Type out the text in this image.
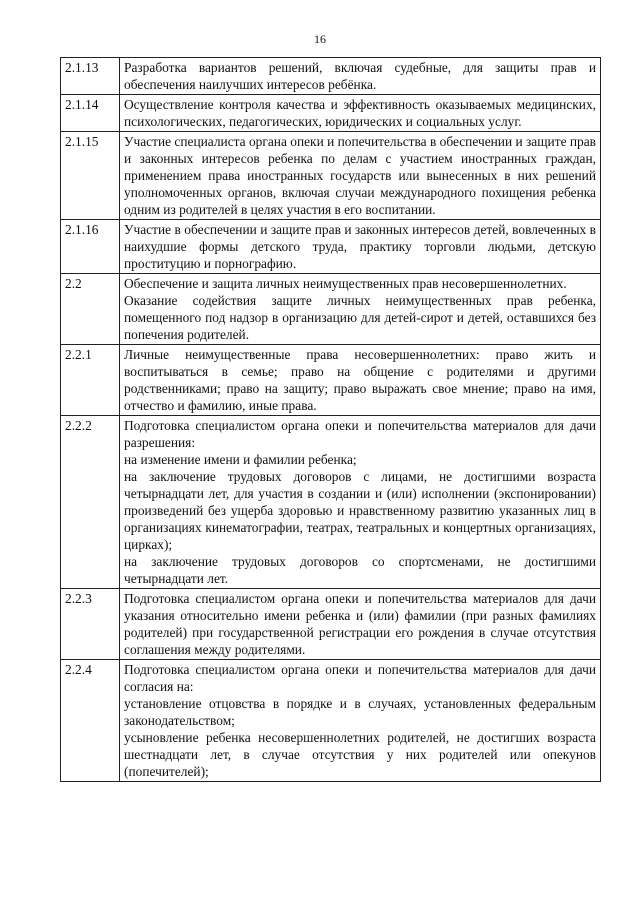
16
2.1.13	Разработка вариантов решений, включая судебные, для защиты прав и обеспечения наилучших интересов ребёнка.

2.1.14	Осуществление контроля качества и эффективность оказываемых медицинских, психологических, педагогических, юридических и социальных услуг.

2.1.15	Участие специалиста органа опеки и попечительства в обеспечении и защите прав и законных интересов ребенка по делам с участием иностранных граждан, применением права иностранных государств или вынесенных в них решений уполномоченных органов, включая случаи международного похищения ребенка одним из родителей в целях участия в его воспитании.

2.1.16	Участие в обеспечении и защите прав и законных интересов детей, вовлеченных в наихудшие формы детского труда, практику торговли людьми, детскую проституцию и порнографию.

2.2	Обеспечение и защита личных неимущественных прав несовершеннолетних.

Оказание содействия защите личных неимущественных прав ребенка, помещенного под надзор в организацию для детей-сирот и детей, оставшихся без попечения родителей.

2.2.1	Личные неимущественные права несовершеннолетних: право жить и воспитываться в семье; право на общение с родителями и другими родственниками; право на защиту; право выражать свое мнение; право на имя, отчество и фамилию, иные права.

2.2.2	Подготовка специалистом органа опеки и попечительства материалов для дачи разрешения:

на изменение имени и фамилии ребенка;

на заключение трудовых договоров с лицами, не достигшими возраста четырнадцати лет, для участия в создании и (или) исполнении (экспонировании) произведений без ущерба здоровью и нравственному развитию указанных лиц в организациях кинематографии, театрах, театральных и концертных организациях, цирках);

на заключение трудовых договоров со спортсменами, не достигшими четырнадцати лет.

2.2.3	Подготовка специалистом органа опеки и попечительства материалов для дачи указания относительно имени ребенка и (или) фамилии (при разных фамилиях родителей) при государственной регистрации его рождения в случае отсутствия соглашения между родителями.

2.2.4	Подготовка специалистом органа опеки и попечительства материалов для дачи согласия на:

установление отцовства в порядке и в случаях, установленных федеральным законодательством;

усыновление ребенка несовершеннолетних родителей, не достигших возраста шестнадцати лет, в случае отсутствия у них родителей или опекунов (попечителей);
